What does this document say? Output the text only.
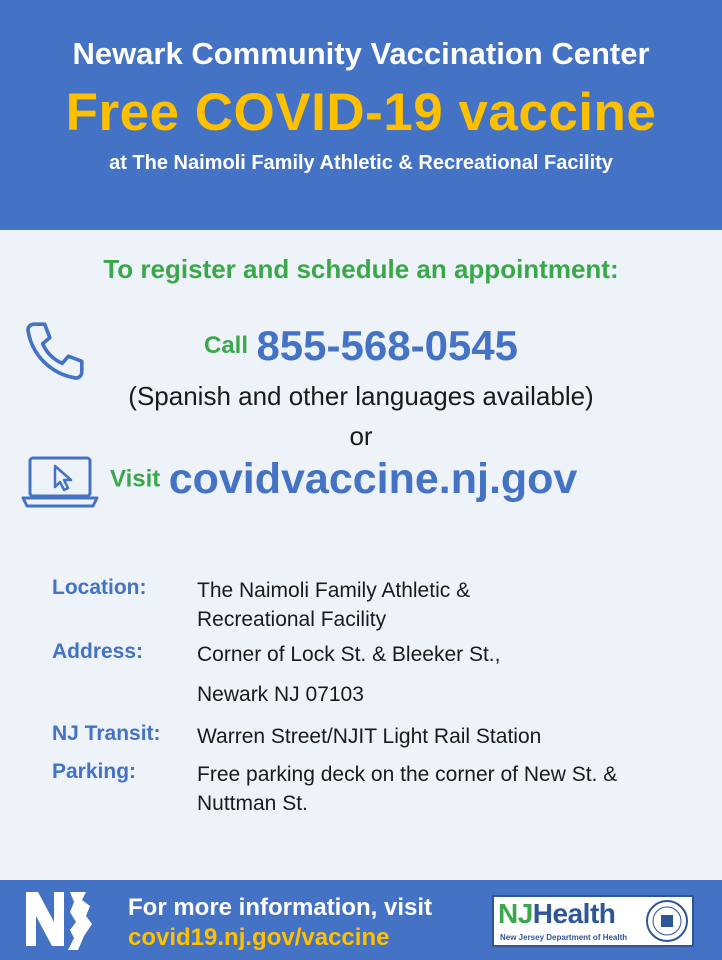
Newark Community Vaccination Center
Free COVID-19 vaccine
at The Naimoli Family Athletic & Recreational Facility
To register and schedule an appointment:
Call 855-568-0545
(Spanish and other languages available)
or
Visit covidvaccine.nj.gov
Location: The Naimoli Family Athletic &
Recreational Facility
Address:	Corner of Lock St. & Bleeker St.,
Newark NJ 07103
NJ Transit: Warren Street/NJIT Light Rail Station
Parking:	Free parking deck on the corner of New St. &
Nuttman St.
For more information, visit
covid19.nj.gov/vaccine
NJHealth
New Jersey Department of Health
